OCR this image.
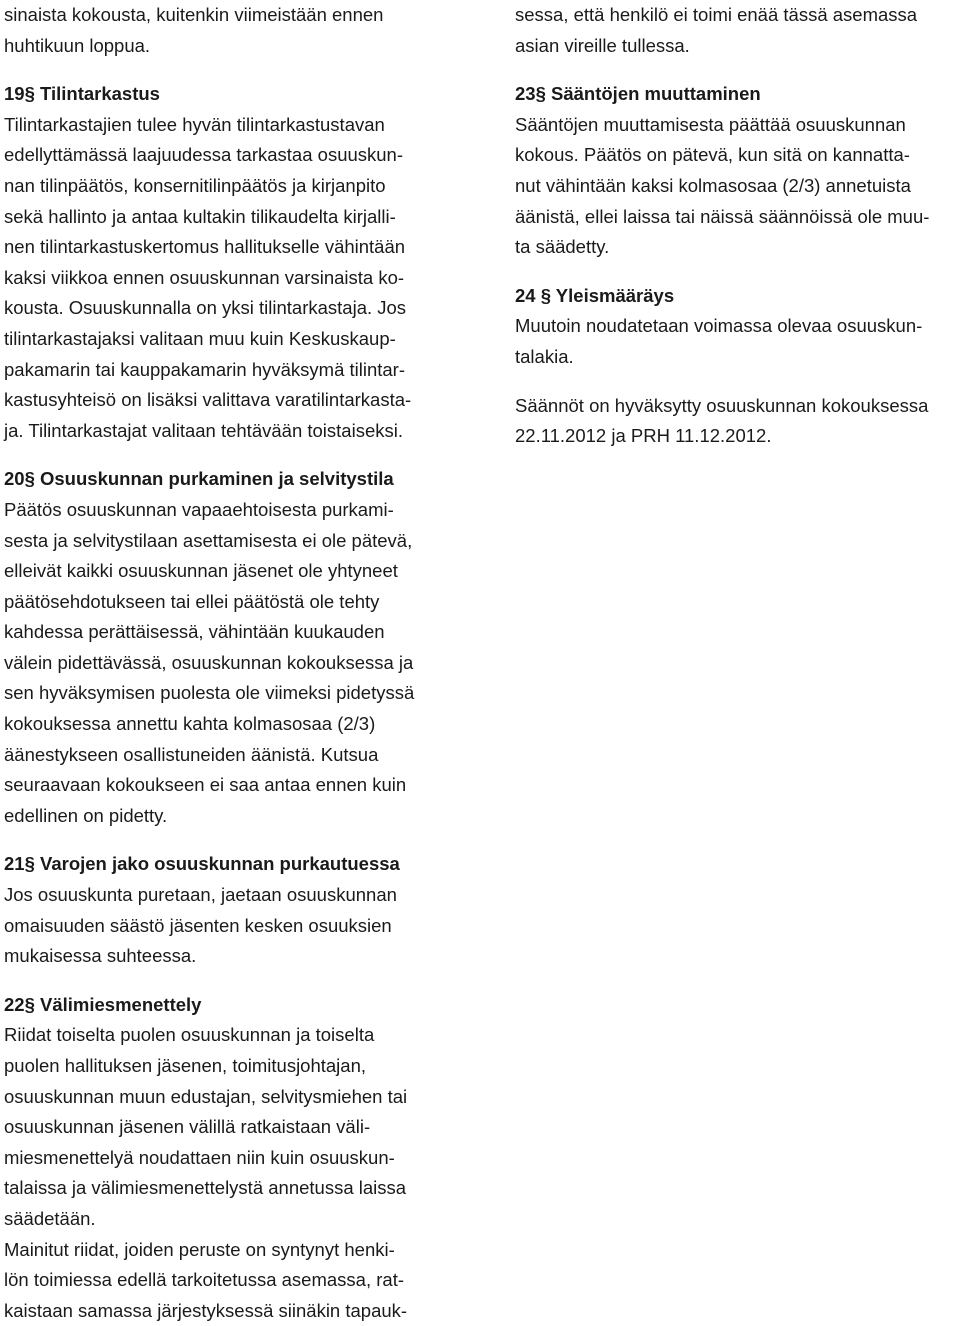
sinaista kokousta, kuitenkin viimeistään ennen

huhtikuun loppua.

19§ Tilintarkastus

Tilintarkastajien tulee hyvän tilintarkastustavan

edellyttämässä laajuudessa tarkastaa osuuskun-

nan tilinpäätös, konsernitilinpäätös ja kirjanpito

sekä hallinto ja antaa kultakin tilikaudelta kirjalli-

nen tilintarkastuskertomus hallitukselle vähintään

kaksi viikkoa ennen osuuskunnan varsinaista ko-

kousta. Osuuskunnalla on yksi tilintarkastaja. Jos

tilintarkastajaksi valitaan muu kuin Keskuskaup-

pakamarin tai kauppakamarin hyväksymä tilintar-

kastusyhteisö on lisäksi valittava varatilintarkasta-

ja. Tilintarkastajat valitaan tehtävään toistaiseksi.

20§ Osuuskunnan purkaminen ja selvitystila

Päätös osuuskunnan vapaaehtoisesta purkami-

sesta ja selvitystilaan asettamisesta ei ole pätevä,

elleivät kaikki osuuskunnan jäsenet ole yhtyneet

päätösehdotukseen tai ellei päätöstä ole tehty

kahdessa perättäisessä, vähintään kuukauden

välein pidettävässä, osuuskunnan kokouksessa ja

sen hyväksymisen puolesta ole viimeksi pidetyssä

kokouksessa annettu kahta kolmasosaa (2/3)

äänestykseen osallistuneiden äänistä. Kutsua

seuraavaan kokoukseen ei saa antaa ennen kuin

edellinen on pidetty.

21§ Varojen jako osuuskunnan purkautuessa

Jos osuuskunta puretaan, jaetaan osuuskunnan

omaisuuden säästö jäsenten kesken osuuksien

mukaisessa suhteessa.

22§ Välimiesmenettely

Riidat toiselta puolen osuuskunnan ja toiselta

puolen hallituksen jäsenen, toimitusjohtajan,

osuuskunnan muun edustajan, selvitysmiehen tai

osuuskunnan jäsenen välillä ratkaistaan väli-

miesmenettelyä noudattaen niin kuin osuuskun-

talaissa ja välimiesmenettelystä annetussa laissa

säädetään.

Mainitut riidat, joiden peruste on syntynyt henki-

lön toimiessa edellä tarkoitetussa asemassa, rat-

kaistaan samassa järjestyksessä siinäkin tapauk-

sessa, että henkilö ei toimi enää tässä asemassa

asian vireille tullessa.

23§ Sääntöjen muuttaminen

Sääntöjen muuttamisesta päättää osuuskunnan

kokous. Päätös on pätevä, kun sitä on kannatta-

nut vähintään kaksi kolmasosaa (2/3) annetuista

äänistä, ellei laissa tai näissä säännöissä ole muu-

ta säädetty.

24 § Yleismääräys

Muutoin noudatetaan voimassa olevaa osuuskun-

talakia.

Säännöt on hyväksytty osuuskunnan kokouksessa

22.11.2012 ja PRH 11.12.2012.
